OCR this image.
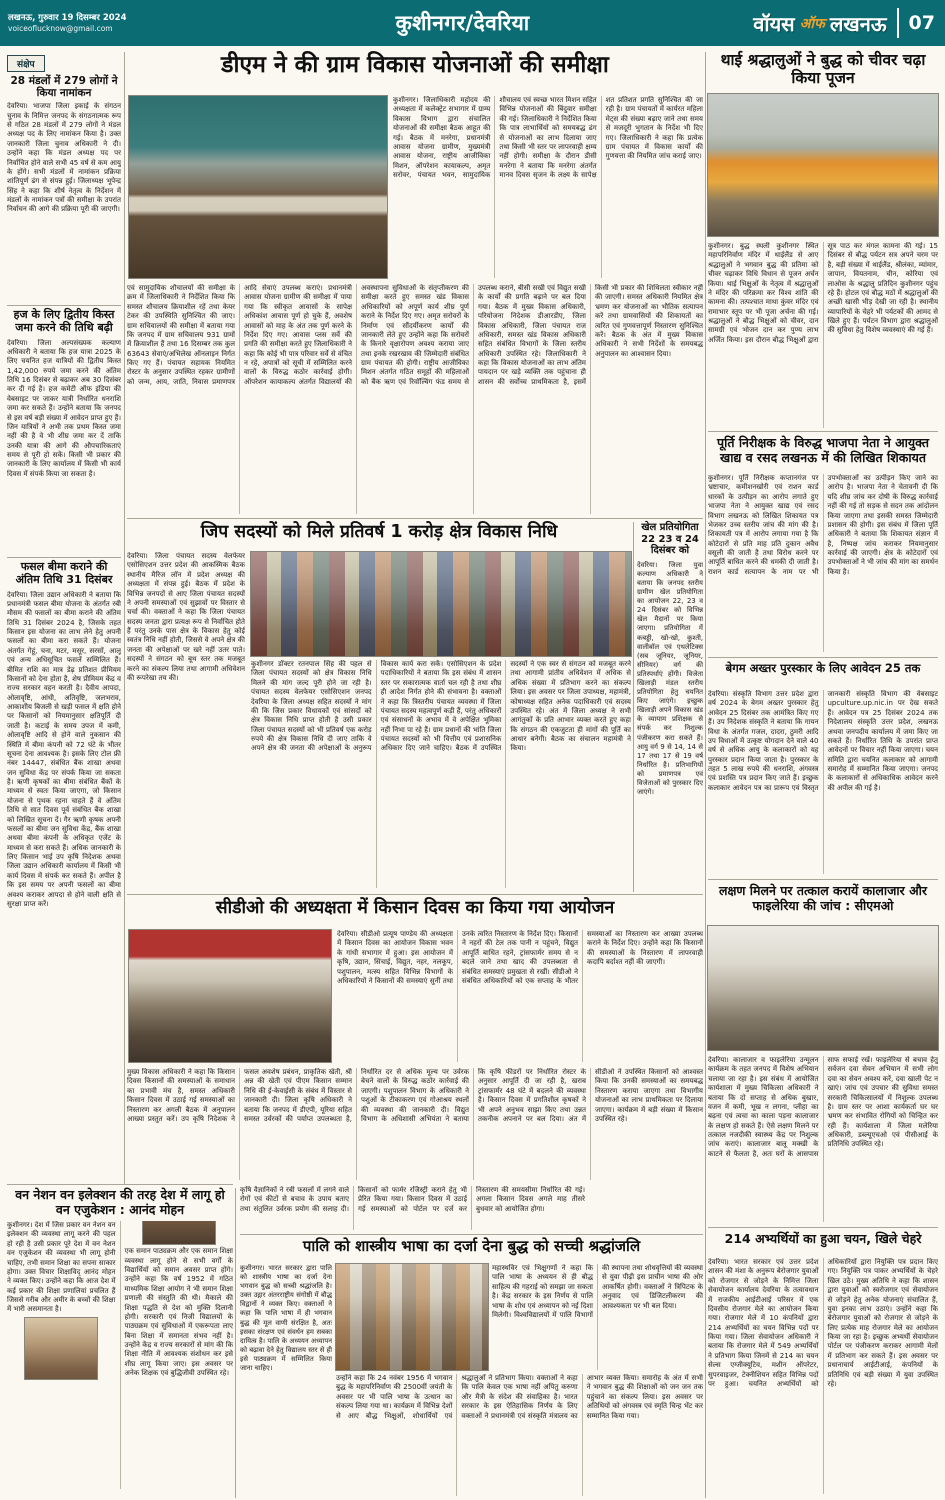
लखनऊ, गुरुवार 19 दिसम्बर 2024
voiceoflucknow@gmail.com	कुशीनगर/देवरिया	वॉयस ऑफ लखनऊ 07
संक्षेप
28 मंडलों में 279 लोगों ने किया नामांकन
देवरिया। भाजपा जिला इकाई के संगठन चुनाव के निमित्त जनपद के संगठनात्मक रूप से गठित 28 मंडलों में 279 लोगों ने मंडल अध्यक्ष पद के लिए नामांकन किया है। उक्त जानकारी जिला चुनाव अधिकारी ने दी। उन्होंने कहा कि मंडल अध्यक्ष पद पर निर्वाचित होने वाले सभी 45 वर्ष से कम आयु के होंगे। सभी मंडलों में नामांकन प्रक्रिया शांतिपूर्ण ढंग से संपन्न हुई। जिलाध्यक्ष भूपेन्द्र सिंह ने कहा कि शीर्ष नेतृत्व के निर्देशन में मंडलों के नामांकन पत्रों की समीक्षा के उपरांत निर्वाचन की आगे की प्रक्रिया पूरी की जाएगी।
हज के लिए द्वितीय किस्त जमा करने की तिथि बढ़ी
देवरिया। जिला अल्पसंख्यक कल्याण अधिकारी ने बताया कि हज यात्रा 2025 के लिए चयनित हज यात्रियों की द्वितीय किस्त 1,42,000 रुपये जमा करने की अंतिम तिथि 16 दिसंबर से बढ़ाकर अब 30 दिसंबर कर दी गई है। हज कमेटी ऑफ इंडिया की वेबसाइट पर जाकर यात्री निर्धारित धनराशि जमा कर सकते हैं। उन्होंने बताया कि जनपद से इस वर्ष बड़ी संख्या में आवेदन प्राप्त हुए हैं। जिन यात्रियों ने अभी तक प्रथम किस्त जमा नहीं की है वे भी शीघ्र जमा कर दें ताकि उनकी यात्रा की आगे की औपचारिकताएं समय से पूरी हो सकें। किसी भी प्रकार की जानकारी के लिए कार्यालय में किसी भी कार्य दिवस में संपर्क किया जा सकता है।
फसल बीमा कराने की अंतिम तिथि 31 दिसंबर
देवरिया। जिला उद्यान अधिकारी ने बताया कि प्रधानमंत्री फसल बीमा योजना के अंतर्गत रबी मौसम की फसलों का बीमा कराने की अंतिम तिथि 31 दिसंबर 2024 है, जिसके तहत किसान इस योजना का लाभ लेने हेतु अपनी फसलों का बीमा करा सकते हैं। योजना अंतर्गत गेहूं, चना, मटर, मसूर, सरसों, आलू एवं अन्य अधिसूचित फसलें सम्मिलित हैं। बीमित राशि का मात्र डेढ़ प्रतिशत प्रीमियम किसानों को देना होता है, शेष प्रीमियम केंद्र व राज्य सरकार वहन करती है। दैवीय आपदा, ओलावृष्टि, आंधी, अतिवृष्टि, जलभराव, आकाशीय बिजली से खड़ी फसल में क्षति होने पर किसानों को नियमानुसार क्षतिपूर्ति दी जाती है। कटाई के समय उपज में कमी, ओलावृष्टि आदि से होने वाले नुकसान की स्थिति में बीमा कंपनी को 72 घंटे के भीतर सूचना देना आवश्यक है। इसके लिए टोल फ्री नंबर 14447, संबंधित बैंक शाखा अथवा जन सुविधा केंद्र पर संपर्क किया जा सकता है। ऋणी कृषकों का बीमा संबंधित बैंकों के माध्यम से स्वतः किया जाएगा, जो किसान योजना से पृथक रहना चाहते हैं वे अंतिम तिथि से सात दिवस पूर्व संबंधित बैंक शाखा को लिखित सूचना दें। गैर ऋणी कृषक अपनी फसलों का बीमा जन सुविधा केंद्र, बैंक शाखा अथवा बीमा कंपनी के अधिकृत एजेंट के माध्यम से करा सकते हैं। अधिक जानकारी के लिए किसान भाई उप कृषि निदेशक अथवा जिला उद्यान अधिकारी कार्यालय में किसी भी कार्य दिवस में संपर्क कर सकते हैं। अपील है कि इस समय पर अपनी फसलों का बीमा अवश्य कराकर आपदा से होने वाली क्षति से सुरक्षा प्राप्त करें।
वन नेशन वन इलेक्शन की तरह देश में लागू हो वन एजुकेशन : आनंद मोहन
कुशीनगर। देश में जिस प्रकार वन नेशन वन इलेक्शन की व्यवस्था लागू करने की पहल हो रही है उसी प्रकार पूरे देश में वन नेशन वन एजुकेशन की व्यवस्था भी लागू होनी चाहिए, तभी समान शिक्षा का सपना साकार होगा। उक्त विचार शिक्षाविद् आनंद मोहन ने व्यक्त किए। उन्होंने कहा कि आज देश में कई प्रकार की शिक्षा प्रणालियां प्रचलित हैं जिससे गरीब और अमीर के बच्चों की शिक्षा में भारी असमानता है।
एक समान पाठ्यक्रम और एक समान शिक्षा व्यवस्था लागू होने से सभी वर्गों के विद्यार्थियों को समान अवसर प्राप्त होंगे। उन्होंने कहा कि वर्ष 1952 में गठित माध्यमिक शिक्षा आयोग ने भी समान शिक्षा प्रणाली की संस्तुति की थी। मैकाले की शिक्षा पद्धति से देश को मुक्ति दिलानी होगी। सरकारी एवं निजी विद्यालयों के पाठ्यक्रम एवं सुविधाओं में एकरूपता लाए बिना शिक्षा में समानता संभव नहीं है। उन्होंने केंद्र व राज्य सरकारों से मांग की कि शिक्षा नीति में आवश्यक संशोधन कर इसे शीघ्र लागू किया जाए। इस अवसर पर अनेक शिक्षक एवं बुद्धिजीवी उपस्थित रहे।
डीएम ने की ग्राम विकास योजनाओं की समीक्षा
कुशीनगर। जिलाधिकारी महोदय की अध्यक्षता में कलेक्ट्रेट सभागार में ग्राम्य विकास विभाग द्वारा संचालित योजनाओं की समीक्षा बैठक आहूत की गई। बैठक में मनरेगा, प्रधानमंत्री आवास योजना ग्रामीण, मुख्यमंत्री आवास योजना, राष्ट्रीय आजीविका मिशन, ऑपरेशन कायाकल्प, अमृत सरोवर, पंचायत भवन, सामुदायिक शौचालय एवं स्वच्छ भारत मिशन सहित विभिन्न योजनाओं की बिंदुवार समीक्षा की गई। जिलाधिकारी ने निर्देशित किया कि पात्र लाभार्थियों को समयबद्ध ढंग से योजनाओं का लाभ दिलाया जाए तथा किसी भी स्तर पर लापरवाही क्षम्य नहीं होगी। समीक्षा के दौरान डीसी मनरेगा ने बताया कि मनरेगा अंतर्गत मानव दिवस सृजन के लक्ष्य के सापेक्ष शत प्रतिशत प्रगति सुनिश्चित की जा रही है। ग्राम पंचायतों में कार्यरत महिला मेट्स की संख्या बढ़ाए जाने तथा समय से मजदूरी भुगतान के निर्देश भी दिए गए। जिलाधिकारी ने कहा कि प्रत्येक ग्राम पंचायत में विकास कार्यों की गुणवत्ता की नियमित जांच कराई जाए।
एवं सामुदायिक शौचालयों की समीक्षा के क्रम में जिलाधिकारी ने निर्देशित किया कि समस्त शौचालय क्रियाशील रहें तथा केयर टेकर की उपस्थिति सुनिश्चित की जाए। ग्राम सचिवालयों की समीक्षा में बताया गया कि जनपद में ग्राम सचिवालय 931 ग्रामों में क्रियाशील हैं तथा 16 दिसम्बर तक कुल 63643 सेवाएं/अभिलेख ऑनलाइन निर्गत किए गए हैं। पंचायत सहायक नियमित रोस्टर के अनुसार उपस्थित रहकर ग्रामीणों को जन्म, आय, जाति, निवास प्रमाणपत्र आदि सेवाएं उपलब्ध कराएं। प्रधानमंत्री आवास योजना ग्रामीण की समीक्षा में पाया गया कि स्वीकृत आवासों के सापेक्ष अधिकांश आवास पूर्ण हो चुके हैं, अवशेष आवासों को माह के अंत तक पूर्ण करने के निर्देश दिए गए। आवास प्लस सर्वे की प्रगति की समीक्षा करते हुए जिलाधिकारी ने कहा कि कोई भी पात्र परिवार सर्वे से वंचित न रहे, अपात्रों को सूची में सम्मिलित करने वालों के विरुद्ध कठोर कार्रवाई होगी। ऑपरेशन कायाकल्प अंतर्गत विद्यालयों की अवस्थापना सुविधाओं के संतृप्तीकरण की समीक्षा करते हुए समस्त खंड विकास अधिकारियों को अपूर्ण कार्य शीघ्र पूर्ण कराने के निर्देश दिए गए। अमृत सरोवरों के निर्माण एवं सौंदर्यीकरण कार्यों की जानकारी लेते हुए उन्होंने कहा कि सरोवरों के किनारे वृक्षारोपण अवश्य कराया जाए तथा इनके रखरखाव की जिम्मेदारी संबंधित ग्राम पंचायत की होगी। राष्ट्रीय आजीविका मिशन अंतर्गत गठित समूहों की महिलाओं को बैंक ऋण एवं रिवॉल्विंग फंड समय से उपलब्ध कराने, बीसी सखी एवं विद्युत सखी के कार्यों की प्रगति बढ़ाने पर बल दिया गया। बैठक में मुख्य विकास अधिकारी, परियोजना निदेशक डीआरडीए, जिला विकास अधिकारी, जिला पंचायत राज अधिकारी, समस्त खंड विकास अधिकारी सहित संबंधित विभागों के जिला स्तरीय अधिकारी उपस्थित रहे। जिलाधिकारी ने कहा कि विकास योजनाओं का लाभ अंतिम पायदान पर खड़े व्यक्ति तक पहुंचाना ही शासन की सर्वोच्च प्राथमिकता है, इसमें किसी भी प्रकार की शिथिलता स्वीकार नहीं की जाएगी। समस्त अधिकारी नियमित क्षेत्र भ्रमण कर योजनाओं का भौतिक सत्यापन करें तथा ग्रामवासियों की शिकायतों का त्वरित एवं गुणवत्तापूर्ण निस्तारण सुनिश्चित करें। बैठक के अंत में मुख्य विकास अधिकारी ने सभी निर्देशों के समयबद्ध अनुपालन का आश्वासन दिया।
जिप सदस्यों को मिले प्रतिवर्ष 1 करोड़ क्षेत्र विकास निधि
देवरिया। जिला पंचायत सदस्य वेलफेयर एसोसिएशन उत्तर प्रदेश की आकस्मिक बैठक स्थानीय मैरिज लॉन में प्रदेश अध्यक्ष की अध्यक्षता में संपन्न हुई। बैठक में प्रदेश के विभिन्न जनपदों से आए जिला पंचायत सदस्यों ने अपनी समस्याओं एवं सुझावों पर विस्तार से चर्चा की। वक्ताओं ने कहा कि जिला पंचायत सदस्य जनता द्वारा प्रत्यक्ष रूप से निर्वाचित होते हैं परंतु उनके पास क्षेत्र के विकास हेतु कोई स्वतंत्र निधि नहीं होती, जिससे वे अपने क्षेत्र की जनता की अपेक्षाओं पर खरे नहीं उतर पाते। सदस्यों ने संगठन को बूथ स्तर तक मजबूत करने का संकल्प लिया तथा आगामी अधिवेशन की रूपरेखा तय की।
कुशीनगर डॉक्टर रतनपाल सिंह की पहल से जिला पंचायत सदस्यों को क्षेत्र विकास निधि मिलने की मांग जल्द पूरी होने जा रही है। पंचायत सदस्य वेलफेयर एसोसिएशन जनपद देवरिया के जिला अध्यक्ष सहित सदस्यों ने मांग की कि जिस प्रकार विधायकों एवं सांसदों को क्षेत्र विकास निधि प्राप्त होती है उसी प्रकार जिला पंचायत सदस्यों को भी प्रतिवर्ष एक करोड़ रुपये की क्षेत्र विकास निधि दी जाए ताकि वे अपने क्षेत्र की जनता की अपेक्षाओं के अनुरूप विकास कार्य करा सकें। एसोसिएशन के प्रदेश पदाधिकारियों ने बताया कि इस संबंध में शासन स्तर पर सकारात्मक वार्ता चल रही है तथा शीघ्र ही आदेश निर्गत होने की संभावना है। वक्ताओं ने कहा कि त्रिस्तरीय पंचायत व्यवस्था में जिला पंचायत सदस्य महत्वपूर्ण कड़ी हैं, परंतु अधिकारों एवं संसाधनों के अभाव में वे अपेक्षित भूमिका नहीं निभा पा रहे हैं। ग्राम प्रधानों की भांति जिला पंचायत सदस्यों को भी वित्तीय एवं प्रशासनिक अधिकार दिए जाने चाहिए। बैठक में उपस्थित सदस्यों ने एक स्वर से संगठन को मजबूत करने तथा आगामी प्रांतीय अधिवेशन में अधिक से अधिक संख्या में प्रतिभाग करने का संकल्प लिया। इस अवसर पर जिला उपाध्यक्ष, महामंत्री, कोषाध्यक्ष सहित अनेक पदाधिकारी एवं सदस्य उपस्थित रहे। अंत में जिला अध्यक्ष ने सभी आगंतुकों के प्रति आभार व्यक्त करते हुए कहा कि संगठन की एकजुटता ही मांगों की पूर्ति का आधार बनेगी। बैठक का संचालन महामंत्री ने किया।
खेल प्रतियोगिता 22 23 व 24 दिसंबर को
देवरिया। जिला युवा कल्याण अधिकारी ने बताया कि जनपद स्तरीय ग्रामीण खेल प्रतियोगिता का आयोजन 22, 23 व 24 दिसंबर को विभिन्न खेल मैदानों पर किया जाएगा। प्रतियोगिता में कबड्डी, खो-खो, कुश्ती, वालीबॉल एवं एथलेटिक्स (सब जूनियर, जूनियर, सीनियर) वर्ग की प्रतिस्पर्धाएं होंगी। विजेता खिलाड़ी मंडल स्तरीय प्रतियोगिता हेतु चयनित किए जाएंगे। इच्छुक खिलाड़ी अपने विकास खंड के व्यायाम प्रशिक्षक से संपर्क कर निशुल्क पंजीकरण करा सकते हैं। आयु वर्ग 9 से 14, 14 से 17 तथा 17 से 19 वर्ष निर्धारित है। प्रतिभागियों को प्रमाणपत्र एवं विजेताओं को पुरस्कार दिए जाएंगे।
सीडीओ की अध्यक्षता में किसान दिवस का किया गया आयोजन
देवरिया। सीडीओ प्रत्यूष पाण्डेय की अध्यक्षता में किसान दिवस का आयोजन विकास भवन के गांधी सभागार में हुआ। इस आयोजन में कृषि, उद्यान, सिंचाई, विद्युत, नहर, नलकूप, पशुपालन, मत्स्य सहित विभिन्न विभागों के अधिकारियों ने किसानों की समस्याएं सुनीं तथा उनके त्वरित निस्तारण के निर्देश दिए। किसानों ने नहरों की टेल तक पानी न पहुंचने, विद्युत आपूर्ति बाधित रहने, ट्रांसफार्मर समय से न बदले जाने तथा खाद की उपलब्धता से संबंधित समस्याएं प्रमुखता से रखीं। सीडीओ ने संबंधित अधिकारियों को एक सप्ताह के भीतर समस्याओं का निस्तारण कर आख्या उपलब्ध कराने के निर्देश दिए। उन्होंने कहा कि किसानों की समस्याओं के निस्तारण में लापरवाही कदापि बर्दाश्त नहीं की जाएगी।
मुख्य विकास अधिकारी ने कहा कि किसान दिवस किसानों की समस्याओं के समाधान का प्रभावी मंच है, समस्त अधिकारी किसान दिवस में उठाई गई समस्याओं का निस्तारण कर अगली बैठक में अनुपालन आख्या प्रस्तुत करें। उप कृषि निदेशक ने फसल अवशेष प्रबंधन, प्राकृतिक खेती, श्री अन्न की खेती एवं पीएम किसान सम्मान निधि की ई-केवाईसी के संबंध में विस्तार से जानकारी दी। जिला कृषि अधिकारी ने बताया कि जनपद में डीएपी, यूरिया सहित समस्त उर्वरकों की पर्याप्त उपलब्धता है, निर्धारित दर से अधिक मूल्य पर उर्वरक बेचने वालों के विरुद्ध कठोर कार्रवाई की जाएगी। पशुपालन विभाग के अधिकारी ने पशुओं के टीकाकरण एवं गोआश्रय स्थलों की व्यवस्था की जानकारी दी। विद्युत विभाग के अधिशासी अभियंता ने बताया कि कृषि फीडरों पर निर्धारित रोस्टर के अनुसार आपूर्ति दी जा रही है, खराब ट्रांसफार्मर 48 घंटे में बदलने की व्यवस्था है। किसान दिवस में प्रगतिशील कृषकों ने भी अपने अनुभव साझा किए तथा उन्नत तकनीक अपनाने पर बल दिया। अंत में सीडीओ ने उपस्थित किसानों को आश्वस्त किया कि उनकी समस्याओं का समयबद्ध निस्तारण कराया जाएगा तथा विभागीय योजनाओं का लाभ प्राथमिकता पर दिलाया जाएगा। कार्यक्रम में बड़ी संख्या में किसान उपस्थित रहे।
कृषि वैज्ञानिकों ने रबी फसलों में लगने वाले रोगों एवं कीटों से बचाव के उपाय बताए तथा संतुलित उर्वरक प्रयोग की सलाह दी। किसानों को फार्मर रजिस्ट्री कराने हेतु भी प्रेरित किया गया। किसान दिवस में उठाई गई समस्याओं को पोर्टल पर दर्ज कर निस्तारण की समयसीमा निर्धारित की गई। अगला किसान दिवस अगले माह तीसरे बुधवार को आयोजित होगा।
पालि को शास्त्रीय भाषा का दर्जा देना बुद्ध को सच्ची श्रद्धांजलि
कुशीनगर। भारत सरकार द्वारा पालि को शास्त्रीय भाषा का दर्जा देना भगवान बुद्ध को सच्ची श्रद्धांजलि है। उक्त उद्गार अंतरराष्ट्रीय संगोष्ठी में बौद्ध विद्वानों ने व्यक्त किए। वक्ताओं ने कहा कि पालि भाषा में ही भगवान बुद्ध की मूल वाणी संरक्षित है, अतः इसका संरक्षण एवं संवर्धन हम सबका दायित्व है। पालि के अध्ययन अध्यापन को बढ़ावा देने हेतु विद्यालय स्तर से ही इसे पाठ्यक्रम में सम्मिलित किया जाना चाहिए।
महास्थविर एवं भिक्षुगणों ने कहा कि पालि भाषा के अध्ययन से ही बौद्ध साहित्य की गहराई को समझा जा सकता है। केंद्र सरकार के इस निर्णय से पालि भाषा के शोध एवं अध्यापन को नई दिशा मिलेगी। विश्वविद्यालयों में पालि विभागों की स्थापना तथा शोधवृत्तियों की व्यवस्था से युवा पीढ़ी इस प्राचीन भाषा की ओर आकर्षित होगी। वक्ताओं ने त्रिपिटक के अनुवाद एवं डिजिटलीकरण की आवश्यकता पर भी बल दिया।
उन्होंने कहा कि 24 नवंबर 1956 में भगवान बुद्ध के महापरिनिर्वाण की 2500वीं जयंती के अवसर पर भी पालि भाषा के उत्थान का संकल्प लिया गया था। कार्यक्रम में विभिन्न देशों से आए बौद्ध भिक्षुओं, शोधार्थियों एवं श्रद्धालुओं ने प्रतिभाग किया। वक्ताओं ने कहा कि पालि केवल एक भाषा नहीं अपितु करुणा और मैत्री के संदेश की संवाहिका है। भारत सरकार के इस ऐतिहासिक निर्णय के लिए वक्ताओं ने प्रधानमंत्री एवं संस्कृति मंत्रालय का आभार व्यक्त किया। समारोह के अंत में सभी ने भगवान बुद्ध की शिक्षाओं को जन जन तक पहुंचाने का संकल्प लिया। इस अवसर पर अतिथियों को अंगवस्त्र एवं स्मृति चिन्ह भेंट कर सम्मानित किया गया।
थाई श्रद्धालुओं ने बुद्ध को चीवर चढ़ा किया पूजन
कुशीनगर। बुद्ध स्थली कुशीनगर स्थित महापरिनिर्वाण मंदिर में थाईलैंड से आए श्रद्धालुओं ने भगवान बुद्ध की प्रतिमा को चीवर चढ़ाकर विधि विधान से पूजन अर्चन किया। थाई भिक्षुओं के नेतृत्व में श्रद्धालुओं ने मंदिर की परिक्रमा कर विश्व शांति की कामना की। तत्पश्चात माथा कुंवर मंदिर एवं रामाभार स्तूप पर भी पूजा अर्चना की गई। श्रद्धालुओं ने बौद्ध भिक्षुओं को चीवर, दान सामग्री एवं भोजन दान कर पुण्य लाभ अर्जित किया। इस दौरान बौद्ध भिक्षुओं द्वारा सूत्र पाठ कर मंगल कामना की गई। 15 दिसंबर से बौद्ध पर्यटन सत्र अपने चरम पर है, बड़ी संख्या में थाईलैंड, श्रीलंका, म्यांमार, जापान, वियतनाम, चीन, कोरिया एवं लाओस के श्रद्धालु प्रतिदिन कुशीनगर पहुंच रहे हैं। होटल एवं बौद्ध मठों में श्रद्धालुओं की अच्छी खासी भीड़ देखी जा रही है। स्थानीय व्यापारियों के चेहरे भी पर्यटकों की आमद से खिले हुए हैं। पर्यटन विभाग द्वारा श्रद्धालुओं की सुविधा हेतु विशेष व्यवस्थाएं की गई हैं।
पूर्ति निरीक्षक के विरुद्ध भाजपा नेता ने आयुक्त खाद्य व रसद लखनऊ में की लिखित शिकायत
कुशीनगर। पूर्ति निरीक्षक कप्तानगंज पर भ्रष्टाचार, कमीशनखोरी एवं राशन कार्ड धारकों के उत्पीड़न का आरोप लगाते हुए भाजपा नेता ने आयुक्त खाद्य एवं रसद विभाग लखनऊ को लिखित शिकायत पत्र भेजकर उच्च स्तरीय जांच की मांग की है। शिकायती पत्र में आरोप लगाया गया है कि कोटेदारों से प्रति माह प्रति दुकान अवैध वसूली की जाती है तथा विरोध करने पर आपूर्ति बाधित करने की धमकी दी जाती है। राशन कार्ड सत्यापन के नाम पर भी उपभोक्ताओं का उत्पीड़न किए जाने का आरोप है। भाजपा नेता ने चेतावनी दी कि यदि शीघ्र जांच कर दोषी के विरुद्ध कार्रवाई नहीं की गई तो सड़क से सदन तक आंदोलन किया जाएगा तथा इसकी समस्त जिम्मेदारी प्रशासन की होगी। इस संबंध में जिला पूर्ति अधिकारी ने बताया कि शिकायत संज्ञान में है, निष्पक्ष जांच कराकर नियमानुसार कार्रवाई की जाएगी। क्षेत्र के कोटेदारों एवं उपभोक्ताओं ने भी जांच की मांग का समर्थन किया है।
बेगम अख्तर पुरस्कार के लिए आवेदन 25 तक
देवरिया। संस्कृति विभाग उत्तर प्रदेश द्वारा वर्ष 2024 के बेगम अख्तर पुरस्कार हेतु आवेदन 25 दिसंबर तक आमंत्रित किए गए हैं। उप निदेशक संस्कृति ने बताया कि गायन विधा के अंतर्गत गजल, दादरा, ठुमरी आदि उप विधाओं में उत्कृष्ट योगदान देने वाले 40 वर्ष से अधिक आयु के कलाकारों को यह पुरस्कार प्रदान किया जाता है। पुरस्कार के तहत 5 लाख रुपये की धनराशि, अंगवस्त्र एवं प्रशस्ति पत्र प्रदान किए जाते हैं। इच्छुक कलाकार आवेदन पत्र का प्रारूप एवं विस्तृत जानकारी संस्कृति विभाग की वेबसाइट upculture.up.nic.in पर देख सकते हैं। आवेदन पत्र 25 दिसंबर 2024 तक निदेशालय संस्कृति उत्तर प्रदेश, लखनऊ अथवा जनपदीय कार्यालय में जमा किए जा सकते हैं। निर्धारित तिथि के उपरांत प्राप्त आवेदनों पर विचार नहीं किया जाएगा। चयन समिति द्वारा चयनित कलाकार को आगामी समारोह में सम्मानित किया जाएगा। जनपद के कलाकारों से अधिकाधिक आवेदन करने की अपील की गई है।
लक्षण मिलने पर तत्काल करायें कालाजार और फाइलेरिया की जांच : सीएमओ
देवरिया। कालाजार व फाइलेरिया उन्मूलन कार्यक्रम के तहत जनपद में विशेष अभियान चलाया जा रहा है। इस संबंध में आयोजित कार्यशाला में मुख्य चिकित्सा अधिकारी ने बताया कि दो सप्ताह से अधिक बुखार, वजन में कमी, भूख न लगना, प्लीहा का बढ़ना एवं त्वचा का काला पड़ना कालाजार के लक्षण हो सकते हैं। ऐसे लक्षण मिलने पर तत्काल नजदीकी स्वास्थ्य केंद्र पर निशुल्क जांच कराएं। कालाजार बालू मक्खी के काटने से फैलता है, अतः घरों के आसपास साफ सफाई रखें। फाइलेरिया से बचाव हेतु सर्वजन दवा सेवन अभियान में सभी लोग दवा का सेवन अवश्य करें, दवा खाली पेट न खाएं। जांच एवं उपचार की सुविधा समस्त सरकारी चिकित्सालयों में निशुल्क उपलब्ध है। ग्राम स्तर पर आशा कार्यकर्ता घर घर भ्रमण कर संभावित रोगियों को चिन्हित कर रही हैं। कार्यशाला में जिला मलेरिया अधिकारी, डब्ल्यूएचओ एवं पीसीआई के प्रतिनिधि उपस्थित रहे।
214 अभ्यर्थियों का हुआ चयन, खिले चेहरे
देवरिया। भारत सरकार एवं उत्तर प्रदेश शासन की मंशा के अनुरूप बेरोजगार युवाओं को रोजगार से जोड़ने के निमित्त जिला सेवायोजन कार्यालय देवरिया के तत्वावधान में राजकीय आईटीआई परिसर में एक दिवसीय रोजगार मेले का आयोजन किया गया। रोजगार मेले में 10 कंपनियों द्वारा 214 अभ्यर्थियों का चयन विभिन्न पदों पर किया गया। जिला सेवायोजन अधिकारी ने बताया कि रोजगार मेले में 549 अभ्यर्थियों ने प्रतिभाग किया जिनमें से 214 का चयन सेल्स एग्जीक्यूटिव, मशीन ऑपरेटर, सुपरवाइजर, टेक्नीशियन सहित विभिन्न पदों पर हुआ। चयनित अभ्यर्थियों को अधिकारियों द्वारा नियुक्ति पत्र प्रदान किए गए। नियुक्ति पत्र पाकर अभ्यर्थियों के चेहरे खिल उठे। मुख्य अतिथि ने कहा कि शासन द्वारा युवाओं को स्वरोजगार एवं सेवायोजन से जोड़ने हेतु अनेक योजनाएं संचालित हैं, युवा इनका लाभ उठाएं। उन्होंने कहा कि बेरोजगार युवाओं को रोजगार से जोड़ने के लिए प्रत्येक माह रोजगार मेले का आयोजन किया जा रहा है। इच्छुक अभ्यर्थी सेवायोजन पोर्टल पर पंजीकरण कराकर आगामी मेलों में प्रतिभाग कर सकते हैं। इस अवसर पर प्रधानाचार्य आईटीआई, कंपनियों के प्रतिनिधि एवं बड़ी संख्या में युवा उपस्थित रहे।
